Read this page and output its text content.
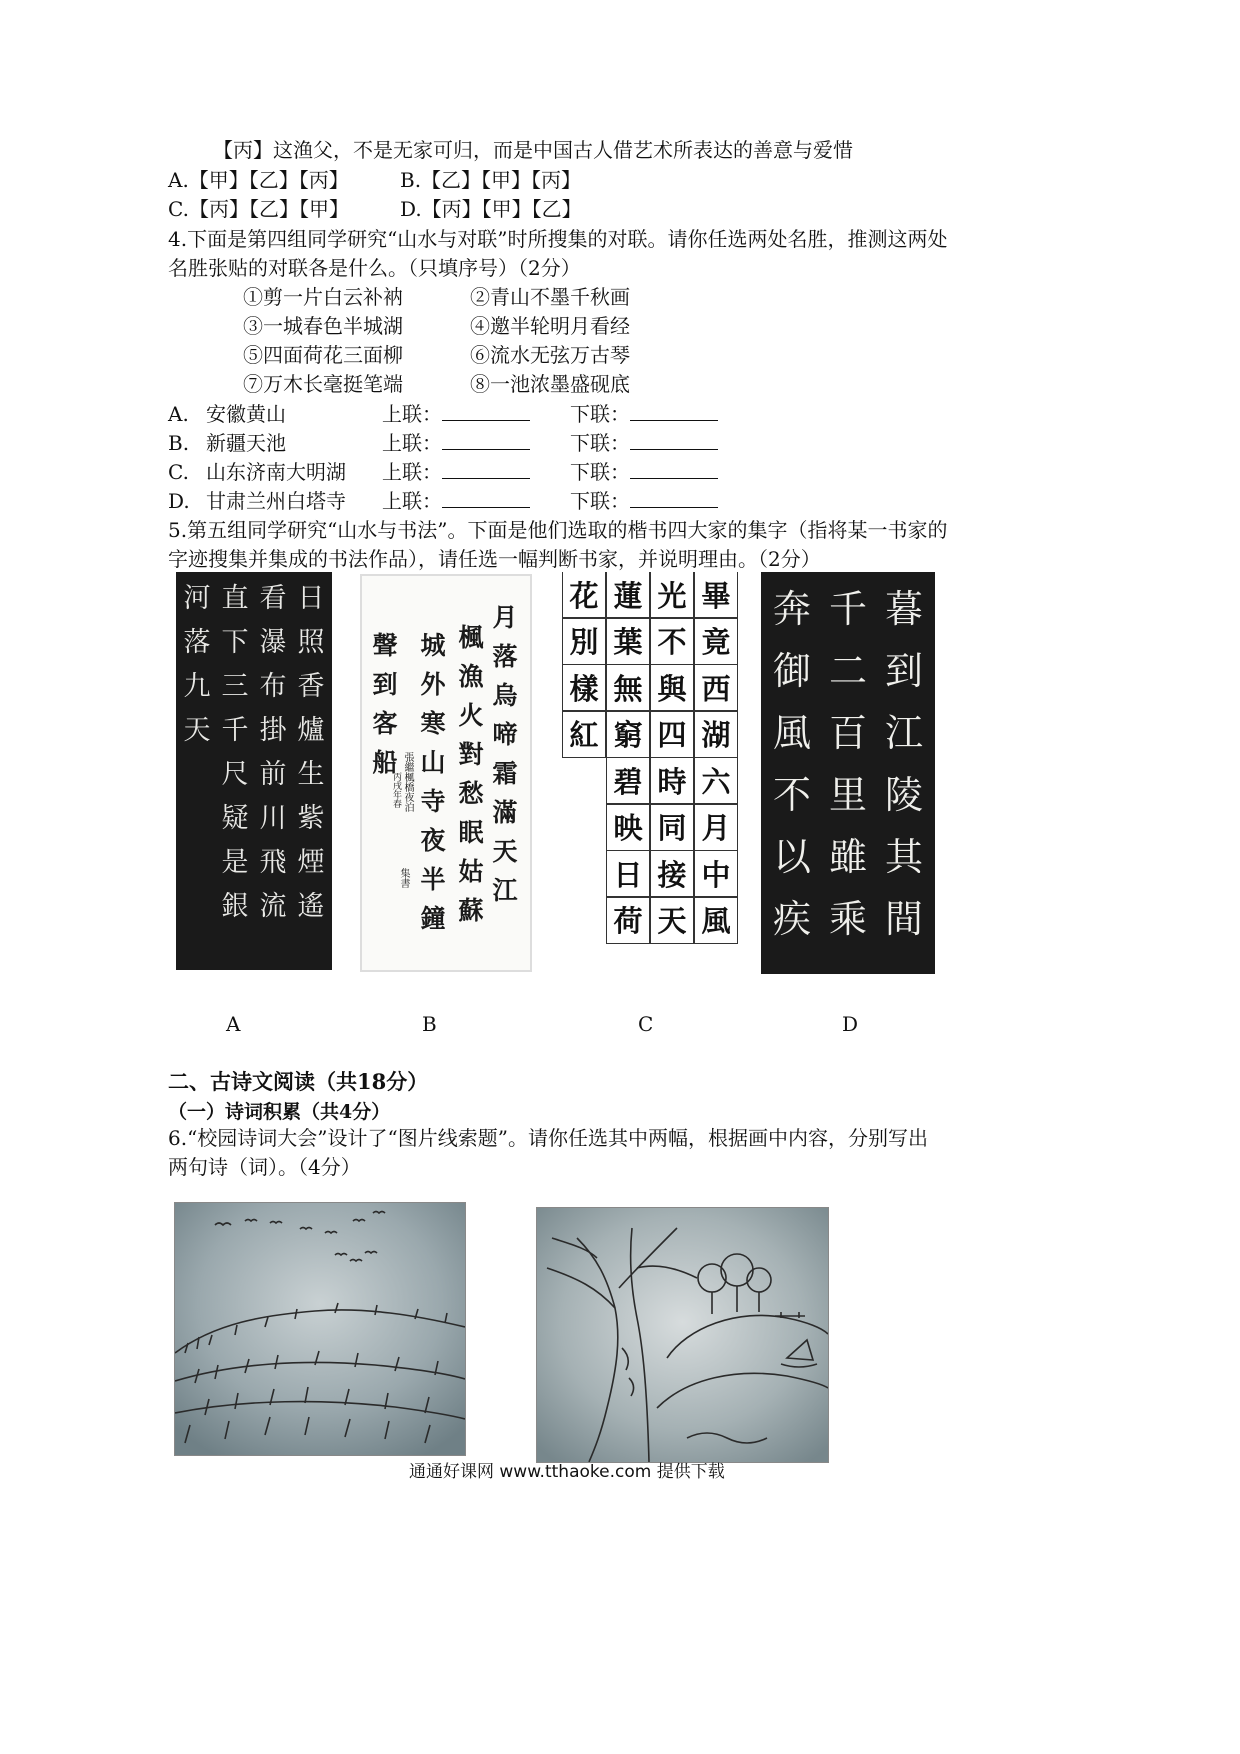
【丙】这渔父，不是无家可归，而是中国古人借艺术所表达的善意与爱惜
A.【甲】【乙】【丙】	B.【乙】【甲】【丙】
C.【丙】【乙】【甲】	D.【丙】【甲】【乙】
4.下面是第四组同学研究“山水与对联”时所搜集的对联。请你任选两处名胜，推测这两处
名胜张贴的对联各是什么。（只填序号）（2分）
①剪一片白云补衲	②青山不墨千秋画
③一城春色半城湖	④邀半轮明月看经
⑤四面荷花三面柳	⑥流水无弦万古琴
⑦万木长毫挺笔端	⑧一池浓墨盛砚底
A. 安徽黄山	上联：	下联：
B. 新疆天池	上联：	下联：
C. 山东济南大明湖 上联：	下联：
D. 甘肃兰州白塔寺 上联：	下联：
5.第五组同学研究“山水与书法”。下面是他们选取的楷书四大家的集字（指将某一书家的
字迹搜集并集成的书法作品），请任选一幅判断书家，并说明理由。（2分）
日
照
香
爐
生
紫
煙
遙
看
瀑
布
掛
前
川
飛
流
直
下
三
千
尺
疑
是
銀
河
落
九
天
A
月
落
烏
啼
霜
滿
天
江
楓
漁
火
對
愁
眠
姑
蘇
城
外
寒
山
寺
夜
半
鐘
聲
到
客
船 張繼楓橋夜泊
丙戌年春
集書
B
畢
竟
西
湖
六
月
中
風
光
不
與
四
時
同
接
天
蓮
葉
無
窮
碧
映
日
荷
花
別
樣
紅
C
暮
到
江
陵
其
間
千
二
百
里
雖
乘
奔
御
風
不
以
疾
D
二、古诗文阅读（共18分）
（一）诗词积累（共4分）
6.“校园诗词大会”设计了“图片线索题”。请你任选其中两幅，根据画中内容，分别写出
两句诗（词）。（4分）
通通好课网 www.tthaoke.com 提供下载
